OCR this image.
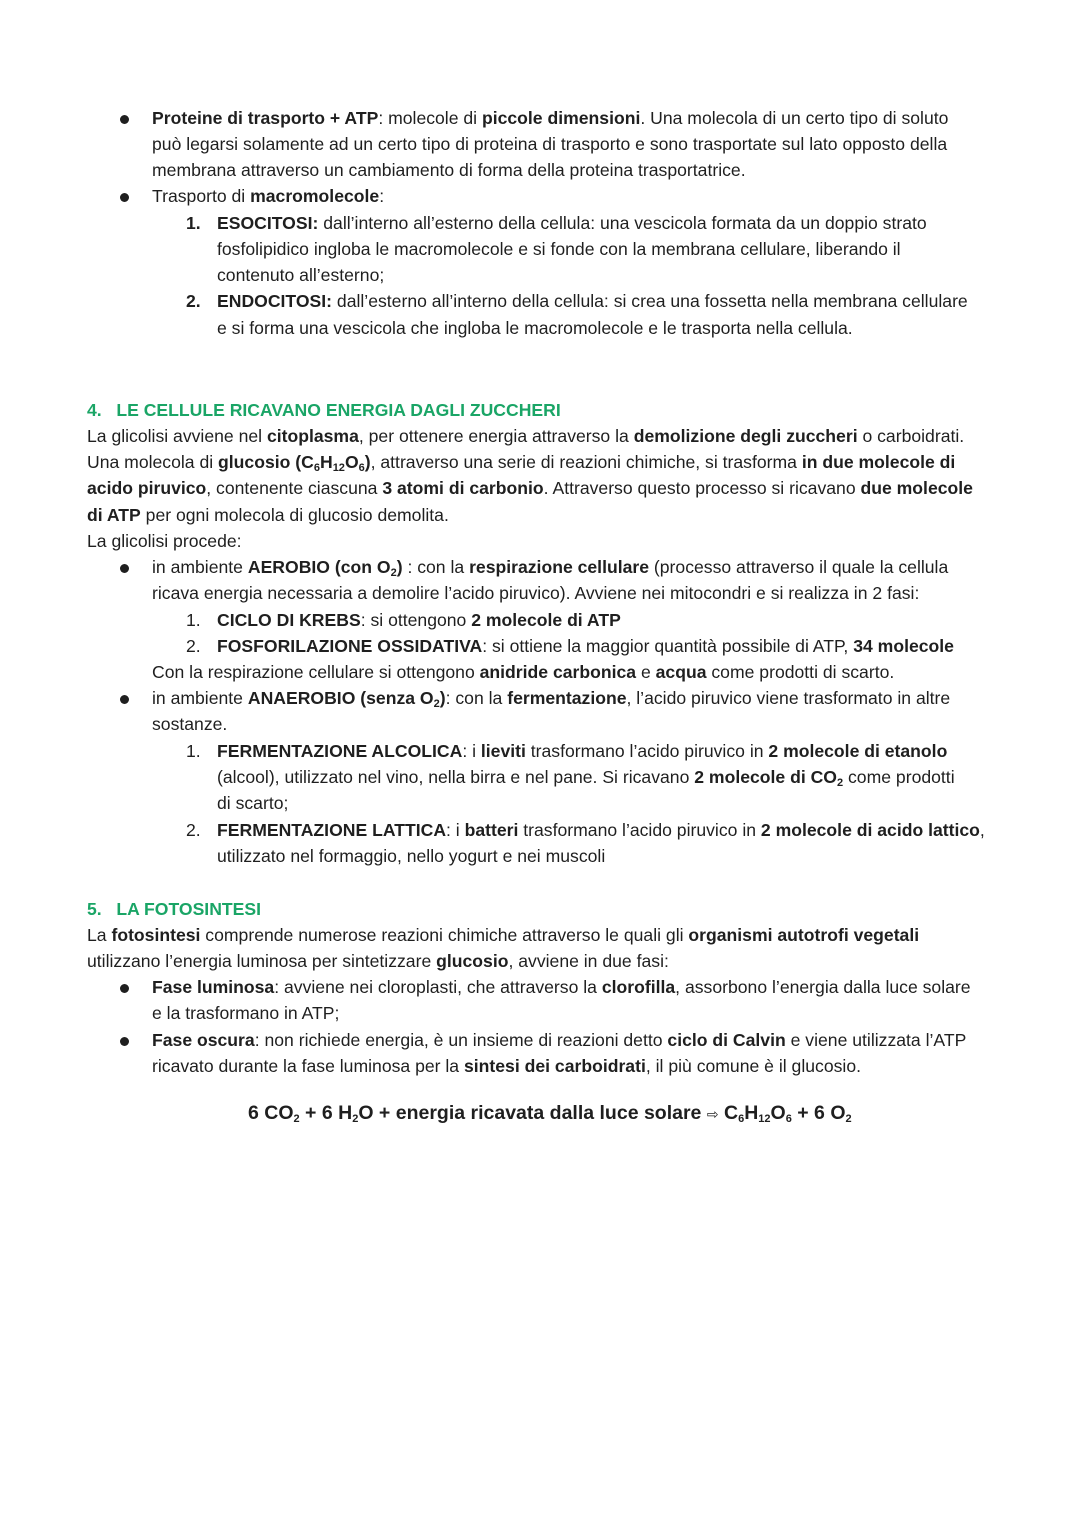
Proteine di trasporto + ATP: molecole di piccole dimensioni. Una molecola di un certo tipo di soluto
può legarsi solamente ad un certo tipo di proteina di trasporto e sono trasportate sul lato opposto della
membrana attraverso un cambiamento di forma della proteina trasportatrice.
Trasporto di macromolecole:
1. ESOCITOSI: dall’interno all’esterno della cellula: una vescicola formata da un doppio strato
fosfolipidico ingloba le macromolecole e si fonde con la membrana cellulare, liberando il
contenuto all’esterno;
2. ENDOCITOSI: dall’esterno all’interno della cellula: si crea una fossetta nella membrana cellulare
e si forma una vescicola che ingloba le macromolecole e le trasporta nella cellula.
4.   LE CELLULE RICAVANO ENERGIA DAGLI ZUCCHERI
La glicolisi avviene nel citoplasma, per ottenere energia attraverso la demolizione degli zuccheri o carboidrati.
Una molecola di glucosio $(C_6H_{12}O_6)$, attraverso una serie di reazioni chimiche, si trasforma in due molecole di
acido piruvico, contenente ciascuna 3 atomi di carbonio. Attraverso questo processo si ricavano due molecole
di ATP per ogni molecola di glucosio demolita.
La glicolisi procede:
in ambiente AEROBIO (con $O_2$) : con la respirazione cellulare (processo attraverso il quale la cellula
ricava energia necessaria a demolire l’acido piruvico). Avviene nei mitocondri e si realizza in 2 fasi:
1. CICLO DI KREBS: si ottengono 2 molecole di ATP
2. FOSFORILAZIONE OSSIDATIVA: si ottiene la maggior quantità possibile di ATP, 34 molecole
Con la respirazione cellulare si ottengono anidride carbonica e acqua come prodotti di scarto.
in ambiente ANAEROBIO (senza $O_2$): con la fermentazione, l’acido piruvico viene trasformato in altre
sostanze.
1. FERMENTAZIONE ALCOLICA: i lieviti trasformano l’acido piruvico in 2 molecole di etanolo
(alcool), utilizzato nel vino, nella birra e nel pane. Si ricavano 2 molecole di $CO_2$ come prodotti
di scarto;
2. FERMENTAZIONE LATTICA: i batteri trasformano l’acido piruvico in 2 molecole di acido lattico,
utilizzato nel formaggio, nello yogurt e nei muscoli
5.   LA FOTOSINTESI
La fotosintesi comprende numerose reazioni chimiche attraverso le quali gli organismi autotrofi vegetali
utilizzano l’energia luminosa per sintetizzare glucosio, avviene in due fasi:
Fase luminosa: avviene nei cloroplasti, che attraverso la clorofilla, assorbono l’energia dalla luce solare
e la trasformano in ATP;
Fase oscura: non richiede energia, è un insieme di reazioni detto ciclo di Calvin e viene utilizzata l’ATP
ricavato durante la fase luminosa per la sintesi dei carboidrati, il più comune è il glucosio.
6 $CO_2 + 6$ $H_2O$ + energia ricavata dalla luce solare ⇨ $C_6H_{12}O_6 + 6$ $O_2$
